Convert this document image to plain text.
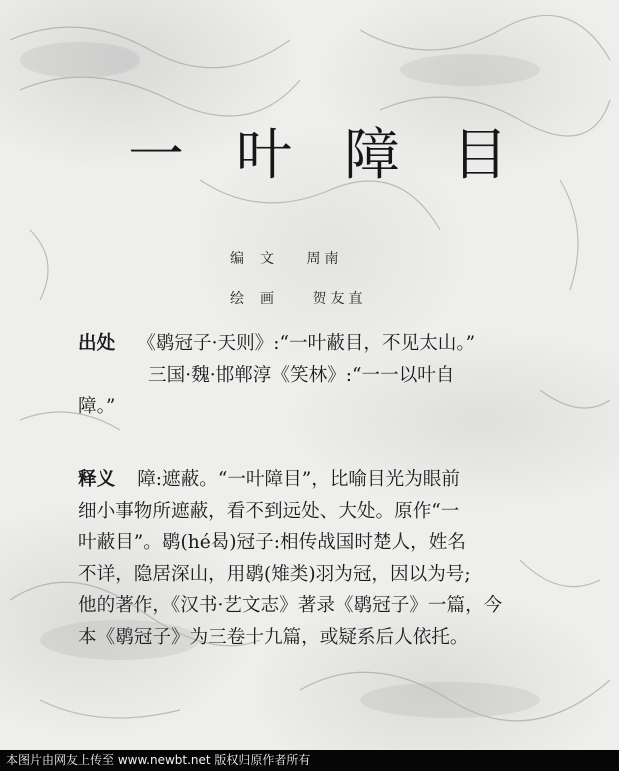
一 叶 障 目
编文 周南
绘画 贺友直

出处 《鹖冠子·天则》:“一叶蔽目，不见太山。”

三国·魏·邯郸淳《笑林》:“一一以叶自

障。”

释义 障:遮蔽。“一叶障目”，比喻目光为眼前

细小事物所遮蔽，看不到远处、大处。原作“一

叶蔽目”。鹖(hé曷)冠子:相传战国时楚人，姓名

不详，隐居深山，用鹖(雉类)羽为冠，因以为号;

他的著作，《汉书·艺文志》著录《鹖冠子》一篇，今

本《鹖冠子》为三卷十九篇，或疑系后人依托。

本图片由网友上传至 www.newbt.net 版权归原作者所有
